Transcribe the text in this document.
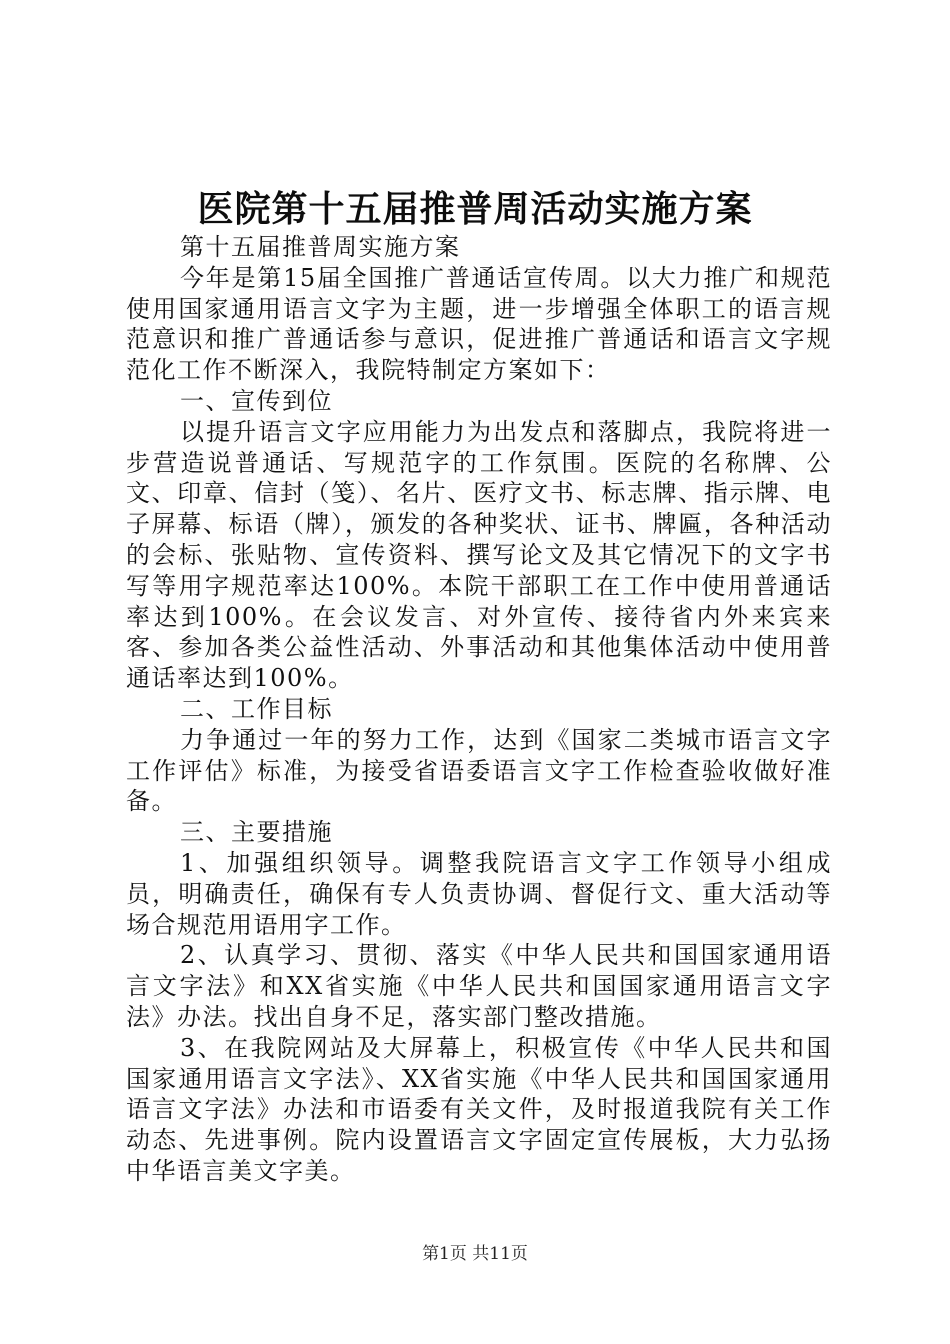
医院第十五届推普周活动实施方案

第十五届推普周实施方案

今年是第15届全国推广普通话宣传周。以大力推广和规范使用国家通用语言文字为主题，进一步增强全体职工的语言规范意识和推广普通话参与意识，促进推广普通话和语言文字规范化工作不断深入，我院特制定方案如下：

一、宣传到位

以提升语言文字应用能力为出发点和落脚点，我院将进一步营造说普通话、写规范字的工作氛围。医院的名称牌、公文、印章、信封（笺）、名片、医疗文书、标志牌、指示牌、电子屏幕、标语（牌），颁发的各种奖状、证书、牌匾，各种活动的会标、张贴物、宣传资料、撰写论文及其它情况下的文字书写等用字规范率达100%。本院干部职工在工作中使用普通话率达到100%。在会议发言、对外宣传、接待省内外来宾来客、参加各类公益性活动、外事活动和其他集体活动中使用普通话率达到100%。

二、工作目标

力争通过一年的努力工作，达到《国家二类城市语言文字工作评估》标准，为接受省语委语言文字工作检查验收做好准备。

三、主要措施

1、加强组织领导。调整我院语言文字工作领导小组成员，明确责任，确保有专人负责协调、督促行文、重大活动等场合规范用语用字工作。

2、认真学习、贯彻、落实《中华人民共和国国家通用语言文字法》和XX省实施《中华人民共和国国家通用语言文字法》办法。找出自身不足，落实部门整改措施。

3、在我院网站及大屏幕上，积极宣传《中华人民共和国国家通用语言文字法》、XX省实施《中华人民共和国国家通用语言文字法》办法和市语委有关文件，及时报道我院有关工作动态、先进事例。院内设置语言文字固定宣传展板，大力弘扬中华语言美文字美。

第1页 共11页
